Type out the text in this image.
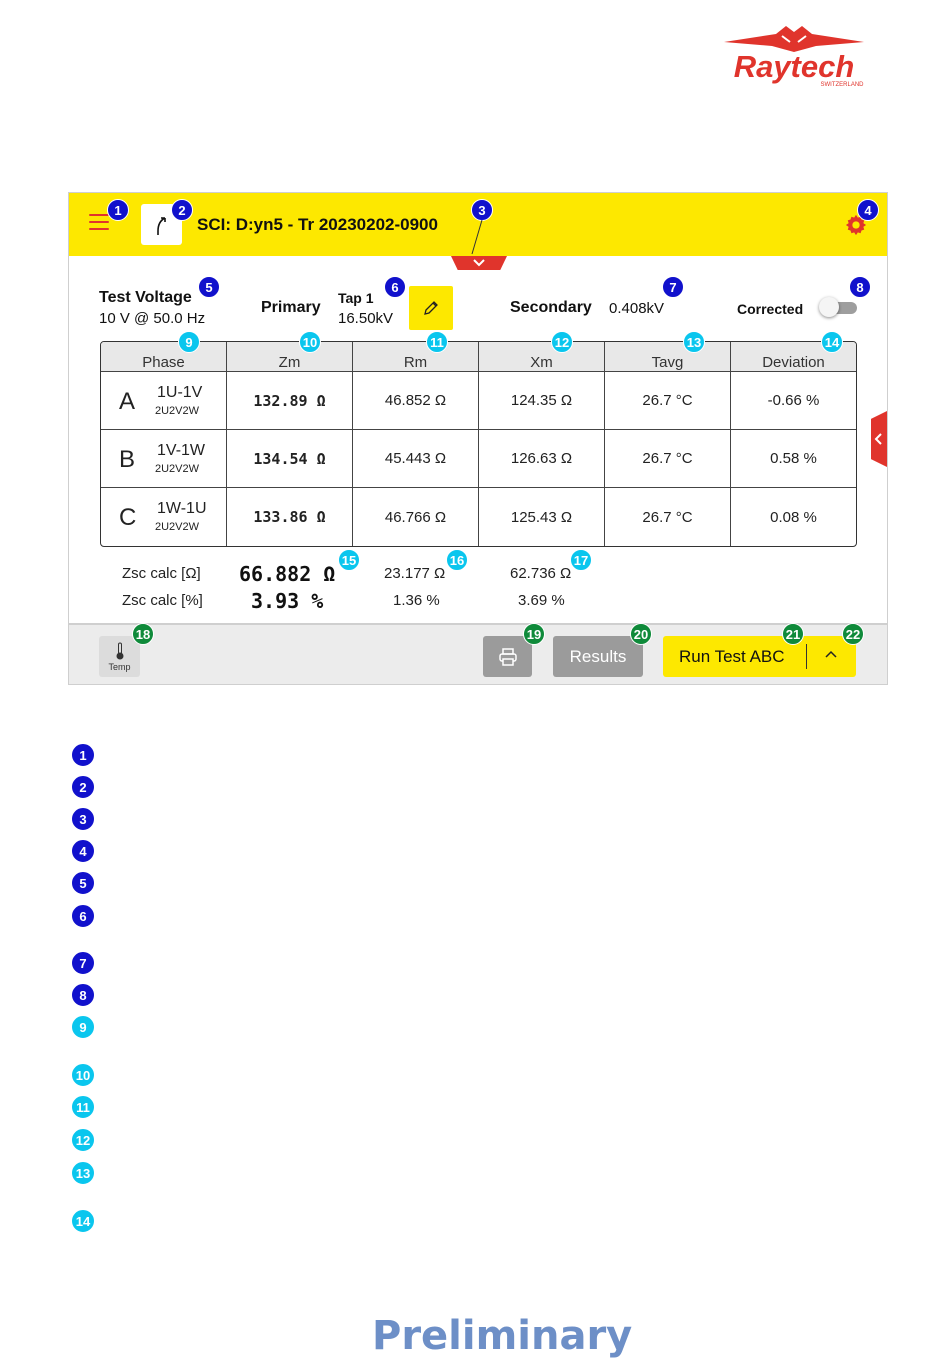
Raytech
SWITZERLAND
SCI: D:yn5 - Tr 20230202-0900
Test Voltage
10 V @ 50.0 Hz
Primary
Tap 1
16.50kV
Secondary 0.408kV	Corrected
Phase	Zm	Rm	Xm	Tavg	Deviation

A 1U-1V
2U2V2W	132.89 Ω	46.852 Ω	124.35 Ω	26.7 °C	-0.66 %

B 1V-1W
2U2V2W	134.54 Ω	45.443 Ω	126.63 Ω	26.7 °C	0.58 %

C 1W-1U
2U2V2W	133.86 Ω	46.766 Ω	125.43 Ω	26.7 °C	0.08 %
Zsc calc [Ω] 66.882 Ω	23.177 Ω	62.736 Ω
Zsc calc [%] 3.93 %	1.36 %	3.69 %
Temp
Results	Run Test ABC
1	2	3	4
5	6	7	8
9	10	11	12	13	14
15	16	17
18	19	20	21	22
1
2
3
4
5
6
7
8
9
10
11
12
13
14
Preliminary
